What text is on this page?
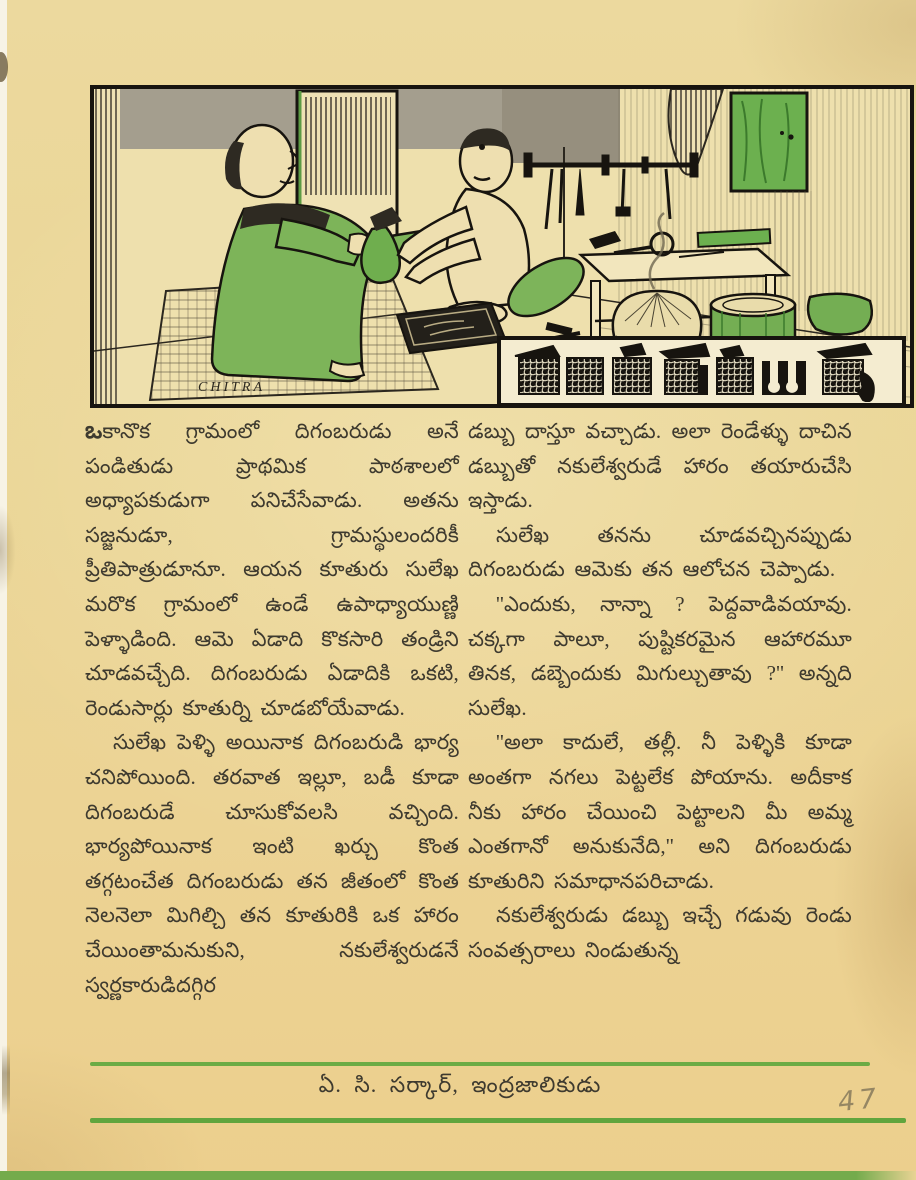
CHITRA

ఒకానొక గ్రామంలో దిగంబరుడు అనే పండితుడు ప్రాథమిక పాఠశాలలో అధ్యాపకుడుగా పనిచేసేవాడు. అతను సజ్జనుడూ, గ్రామస్థులందరికీ ప్రీతిపాత్రుడూనూ. ఆయన కూతురు సులేఖ మరొక గ్రామంలో ఉండే ఉపాధ్యాయుణ్ణి పెళ్ళాడింది. ఆమె ఏడాది కొకసారి తండ్రిని చూడవచ్చేది. దిగంబరుడు ఏడాదికి ఒకటి, రెండుసార్లు కూతుర్ని చూడబోయేవాడు.

సులేఖ పెళ్ళి అయినాక దిగంబరుడి భార్య చనిపోయింది. తరవాత ఇల్లూ, బడీ కూడా దిగంబరుడే చూసుకోవలసి వచ్చింది. భార్యపోయినాక ఇంటి ఖర్చు కొంత తగ్గటంచేత దిగంబరుడు తన జీతంలో కొంత నెలనెలా మిగిల్చి తన కూతురికి ఒక హారం చేయింతామనుకుని, నకులేశ్వరుడనే స్వర్ణకారుడిదగ్గిర

డబ్బు దాస్తూ వచ్చాడు. అలా రెండేళ్ళు దాచిన డబ్బుతో నకులేశ్వరుడే హారం తయారుచేసి ఇస్తాడు.

సులేఖ తనను చూడవచ్చినప్పుడు దిగంబరుడు ఆమెకు తన ఆలోచన చెప్పాడు.

''ఎందుకు, నాన్నా ? పెద్దవాడివయావు. చక్కగా పాలూ, పుష్టికరమైన ఆహారమూ తినక, డబ్బెందుకు మిగుల్చుతావు ?'' అన్నది సులేఖ.

''అలా కాదులే, తల్లీ. నీ పెళ్ళికి కూడా అంతగా నగలు పెట్టలేక పోయాను. అదీకాక నీకు హారం చేయించి పెట్టాలని మీ అమ్మ ఎంతగానో అనుకునేది,'' అని దిగంబరుడు కూతురిని సమాధానపరిచాడు.

నకులేశ్వరుడు డబ్బు ఇచ్చే గడువు రెండు సంవత్సరాలు నిండుతున్న

ఏ. సి. సర్కార్, ఇంద్రజాలికుడు	47
